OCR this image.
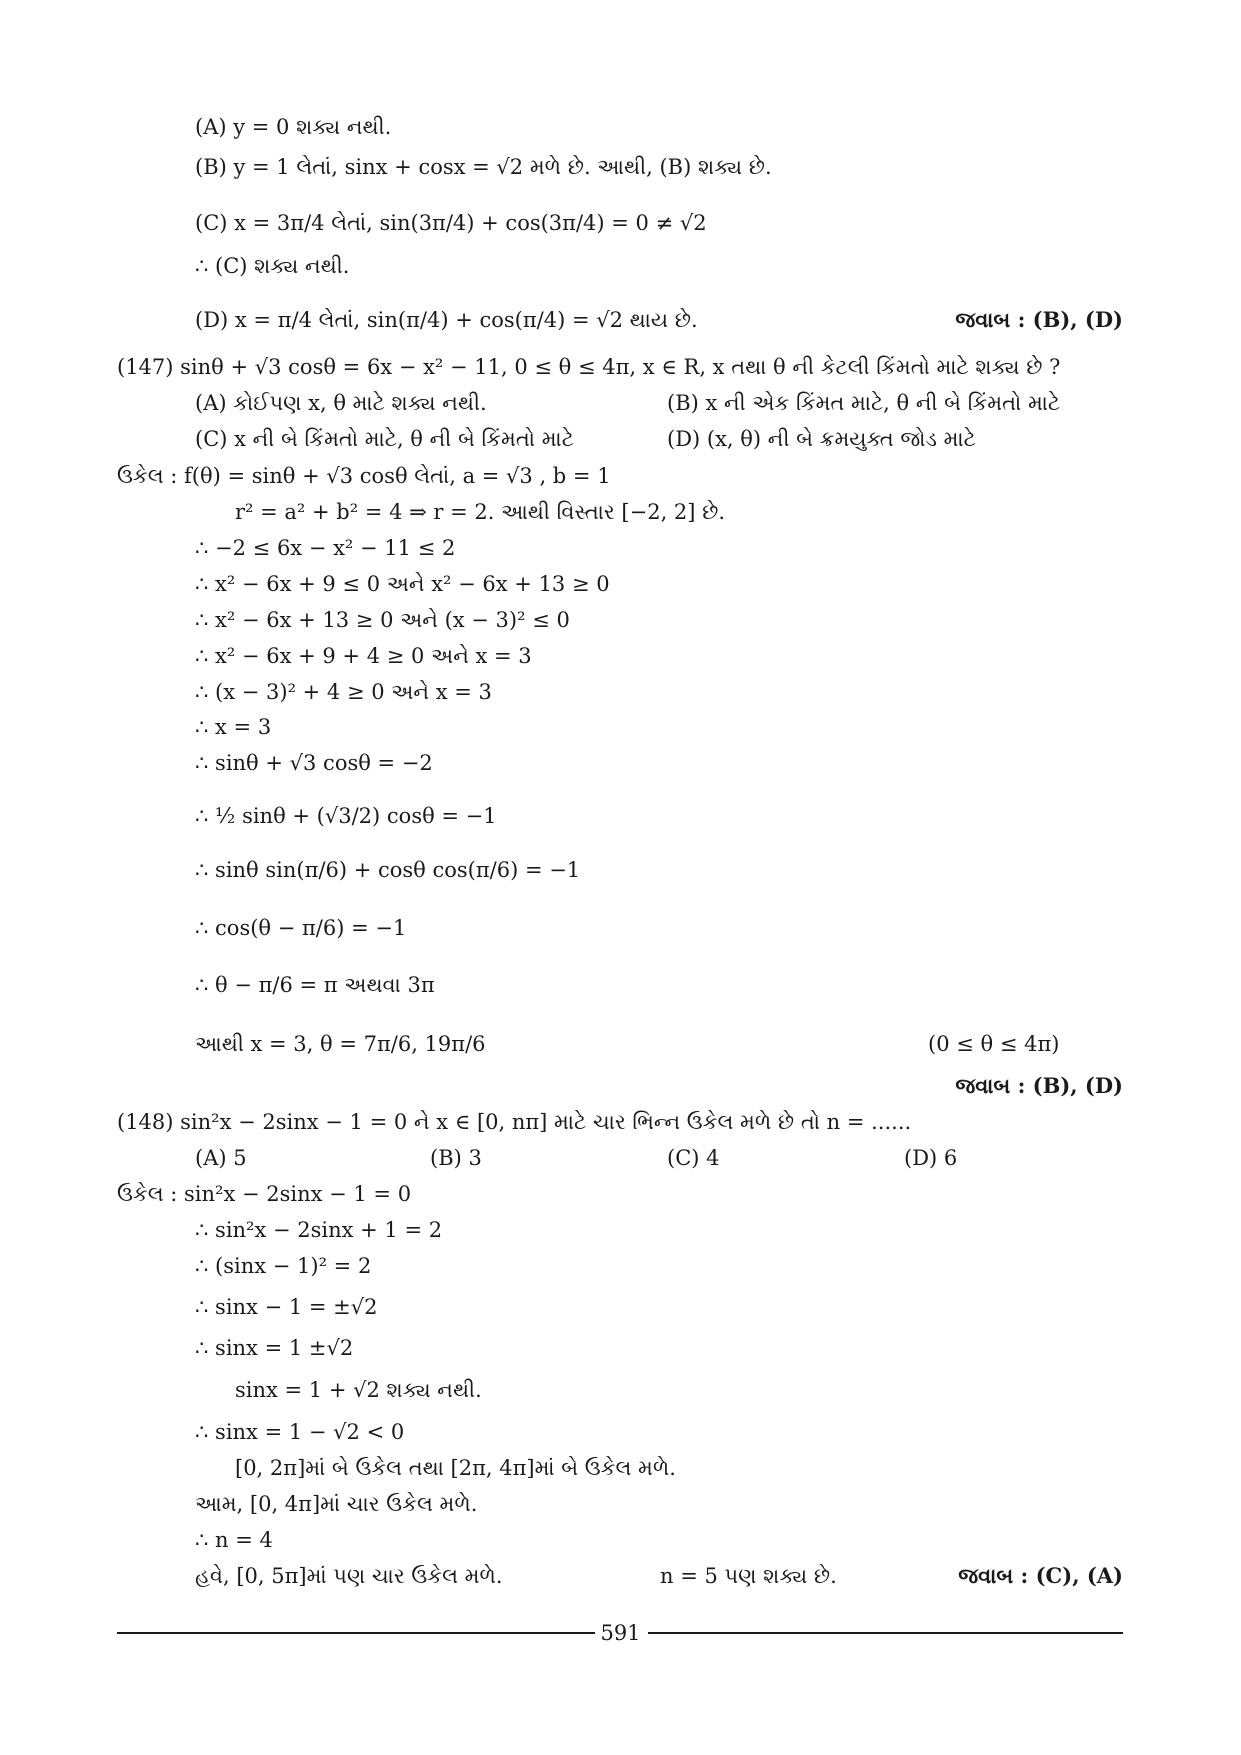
(A) y = 0 શક્ય નથી.
(B) y = 1 લેતાં, sinx + cosx = √2 મળે છે. આથી, (B) શક્ય છે.
(C) x = 3π/4 લેતાં, sin(3π/4) + cos(3π/4) = 0 ≠ √2
∴ (C) શક્ય નથી.
(D) x = π/4 લેતાં, sin(π/4) + cos(π/4) = √2 થાય છે.
(147) sinθ + √3 cosθ = 6x − x² − 11, 0 ≤ θ ≤ 4π, x ∈ R, x તથા θ ની કેટલી કિંમતો માટે શક્ય છે ?
(A) કોઈપણ x, θ માટે શક્ય નથી.	(B) x ની એક કિંમત માટે, θ ની બે કિંમતો માટે
(C) x ની બે કિંમતો માટે, θ ની બે કિંમતો માટે	(D) (x, θ) ની બે ક્રમયુક્ત જોડ માટે
ઉકેલ : f(θ) = sinθ + √3 cosθ લેતાં, a = √3 , b = 1
r² = a² + b² = 4 ⇒ r = 2. આથી વિસ્તાર [−2, 2] છે.
∴ −2 ≤ 6x − x² − 11 ≤ 2
∴ x² − 6x + 9 ≤ 0 અને x² − 6x + 13 ≥ 0
∴ x² − 6x + 13 ≥ 0 અને (x − 3)² ≤ 0
∴ x² − 6x + 9 + 4 ≥ 0 અને x = 3
∴ (x − 3)² + 4 ≥ 0 અને x = 3
∴ x = 3
∴ sinθ + √3 cosθ = −2
∴ ½ sinθ + (√3/2) cosθ = −1
∴ sinθ sin(π/6) + cosθ cos(π/6) = −1
∴ cos(θ − π/6) = −1
∴ θ − π/6 = π અથવા 3π
આથી x = 3, θ = 7π/6, 19π/6	(0 ≤ θ ≤ 4π)
(148) sin²x − 2sinx − 1 = 0 ને x ∈ [0, nπ] માટે ચાર ભિન્ન ઉકેલ મળે છે તો n = ......
(A) 5	(B) 3	(C) 4	(D) 6
ઉકેલ : sin²x − 2sinx − 1 = 0
∴ sin²x − 2sinx + 1 = 2
∴ (sinx − 1)² = 2
∴ sinx − 1 = ±√2
∴ sinx = 1 ±√2
sinx = 1 + √2 શક્ય નથી.
∴ sinx = 1 − √2 < 0
[0, 2π]માં બે ઉકેલ તથા [2π, 4π]માં બે ઉકેલ મળે.
આમ, [0, 4π]માં ચાર ઉકેલ મળે.
∴ n = 4
હવે, [0, 5π]માં પણ ચાર ઉકેલ મળે.	n = 5 પણ શક્ય છે.
જવાબ : (B), (D)
જવાબ : (B), (D)
જવાબ : (C), (A)
591
